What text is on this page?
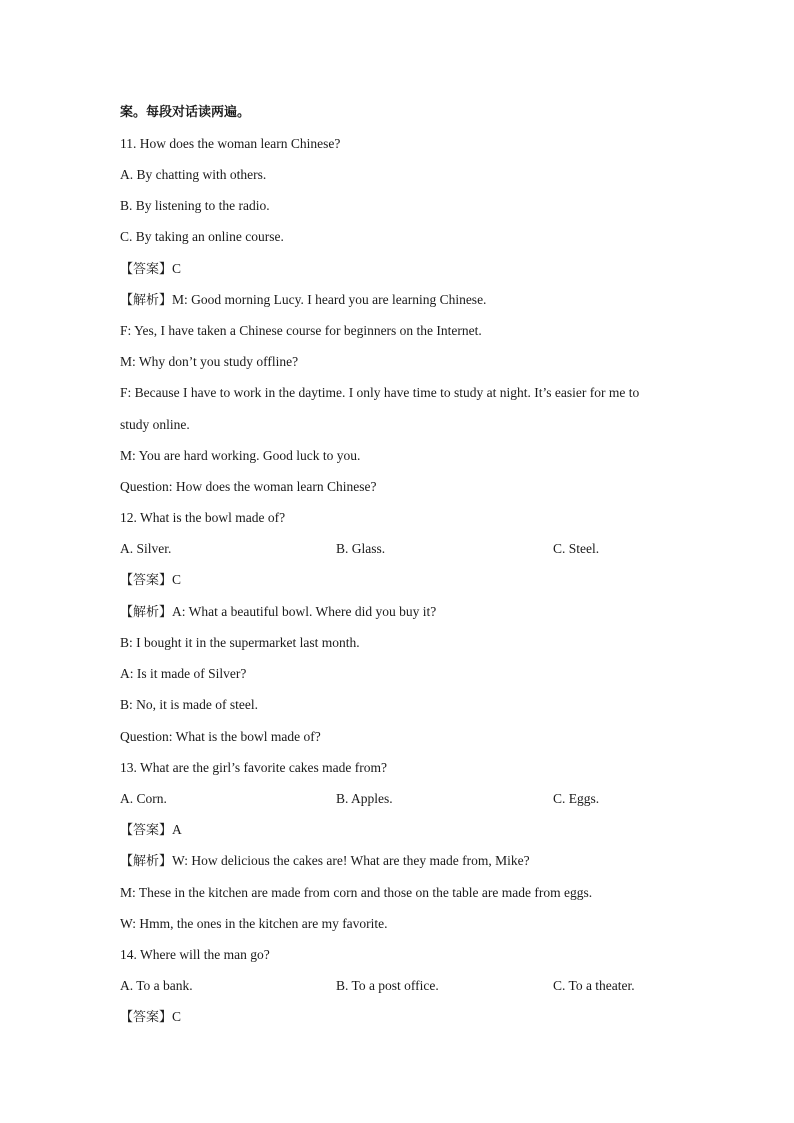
案。每段对话读两遍。
11. How does the woman learn Chinese?
A. By chatting with others.
B. By listening to the radio.
C. By taking an online course.
【答案】C
【解析】M: Good morning Lucy. I heard you are learning Chinese.
F: Yes, I have taken a Chinese course for beginners on the Internet.
M: Why don’t you study offline?
F: Because I have to work in the daytime. I only have time to study at night. It’s easier for me to
study online.
M: You are hard working. Good luck to you.
Question: How does the woman learn Chinese?
12. What is the bowl made of?
A. Silver.	B. Glass.	C. Steel.
【答案】C
【解析】A: What a beautiful bowl. Where did you buy it?
B: I bought it in the supermarket last month.
A: Is it made of Silver?
B: No, it is made of steel.
Question: What is the bowl made of?
13. What are the girl’s favorite cakes made from?
A. Corn.	B. Apples.	C. Eggs.
【答案】A
【解析】W: How delicious the cakes are! What are they made from, Mike?
M: These in the kitchen are made from corn and those on the table are made from eggs.
W: Hmm, the ones in the kitchen are my favorite.
14. Where will the man go?
A. To a bank.	B. To a post office.	C. To a theater.
【答案】C
